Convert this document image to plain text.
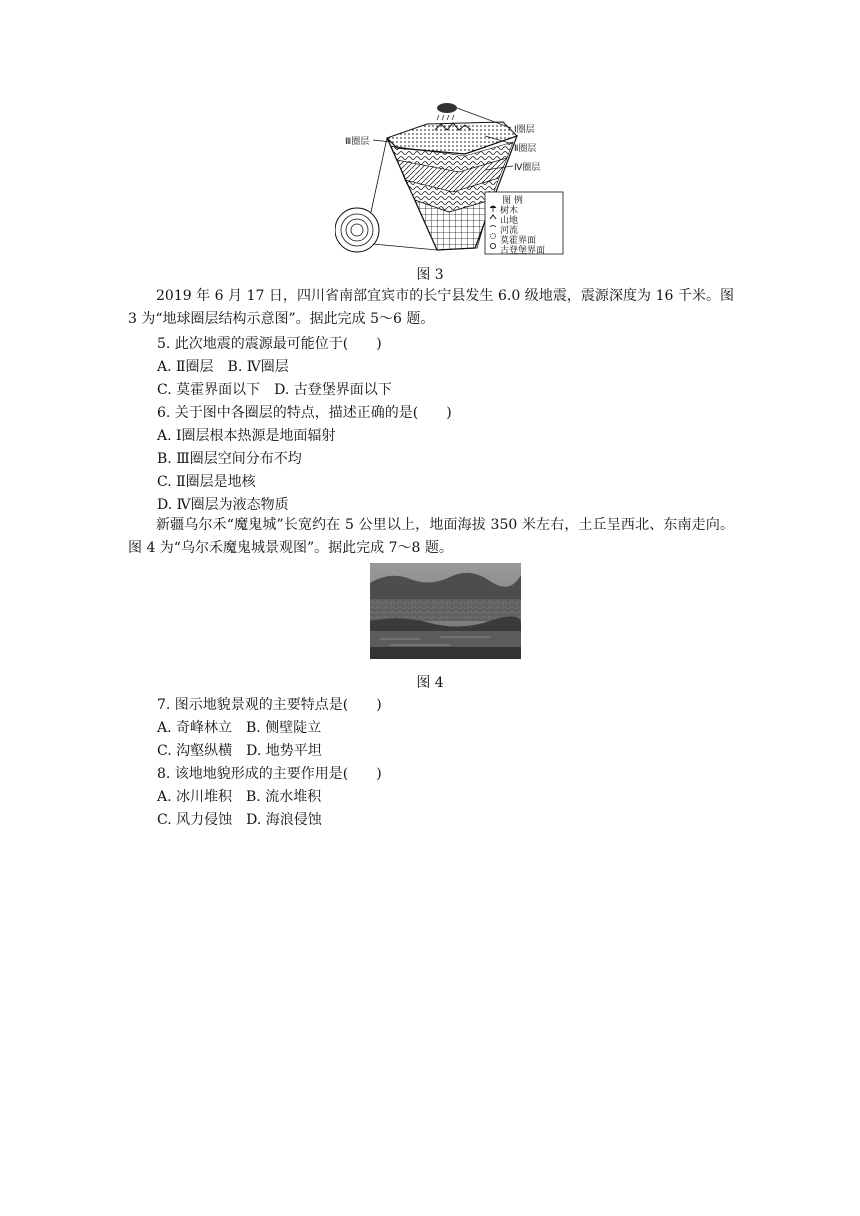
Ⅲ圈层
Ⅰ圈层
Ⅱ圈层
Ⅳ圈层
图 例
树木
山地
河流
莫霍界面
古登堡界面
图 3

2019 年 6 月 17 日，四川省南部宜宾市的长宁县发生 6.0 级地震，震源深度为 16 千米。图 3 为“地球圈层结构示意图”。据此完成 5～6 题。

5. 此次地震的震源最可能位于(　　)
A. Ⅱ圈层　B. Ⅳ圈层
C. 莫霍界面以下　D. 古登堡界面以下
6. 关于图中各圈层的特点，描述正确的是(　　)
A. Ⅰ圈层根本热源是地面辐射
B. Ⅲ圈层空间分布不均
C. Ⅱ圈层是地核
D. Ⅳ圈层为液态物质

新疆乌尔禾“魔鬼城”长宽约在 5 公里以上，地面海拔 350 米左右，土丘呈西北、东南走向。图 4 为“乌尔禾魔鬼城景观图”。据此完成 7～8 题。

图 4
7. 图示地貌景观的主要特点是(　　)
A. 奇峰林立　B. 侧壁陡立
C. 沟壑纵横　D. 地势平坦
8. 该地地貌形成的主要作用是(　　)
A. 冰川堆积　B. 流水堆积
C. 风力侵蚀　D. 海浪侵蚀
